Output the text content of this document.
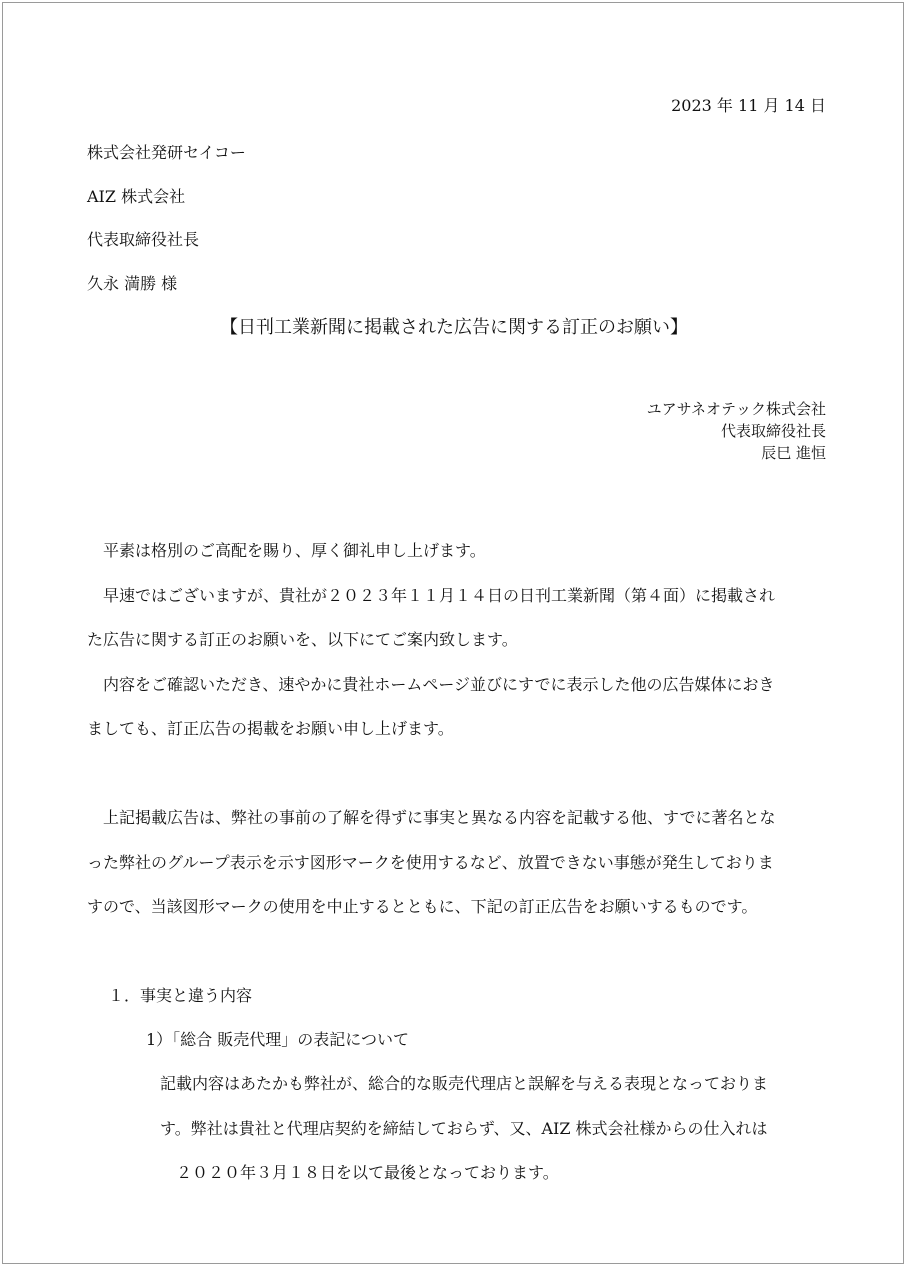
2023 年 11 月 14 日
株式会社発研セイコー
AIZ 株式会社
代表取締役社長
久永 満勝 様
【日刊工業新聞に掲載された広告に関する訂正のお願い】
ユアサネオテック株式会社
代表取締役社長
辰巳 進恒
　平素は格別のご高配を賜り、厚く御礼申し上げます。
　早速ではございますが、貴社が２０２３年１１月１４日の日刊工業新聞（第４面）に掲載され
た広告に関する訂正のお願いを、以下にてご案内致します。
　内容をご確認いただき、速やかに貴社ホームページ並びにすでに表示した他の広告媒体におき
ましても、訂正広告の掲載をお願い申し上げます。
　上記掲載広告は、弊社の事前の了解を得ずに事実と異なる内容を記載する他、すでに著名とな
った弊社のグループ表示を示す図形マークを使用するなど、放置できない事態が発生しておりま
すので、当該図形マークの使用を中止するとともに、下記の訂正広告をお願いするものです。
１．事実と違う内容
1）「総合 販売代理」の表記について
記載内容はあたかも弊社が、総合的な販売代理店と誤解を与える表現となっておりま
す。弊社は貴社と代理店契約を締結しておらず、又、AIZ 株式会社様からの仕入れは
　２０２０年３月１８日を以て最後となっております。
